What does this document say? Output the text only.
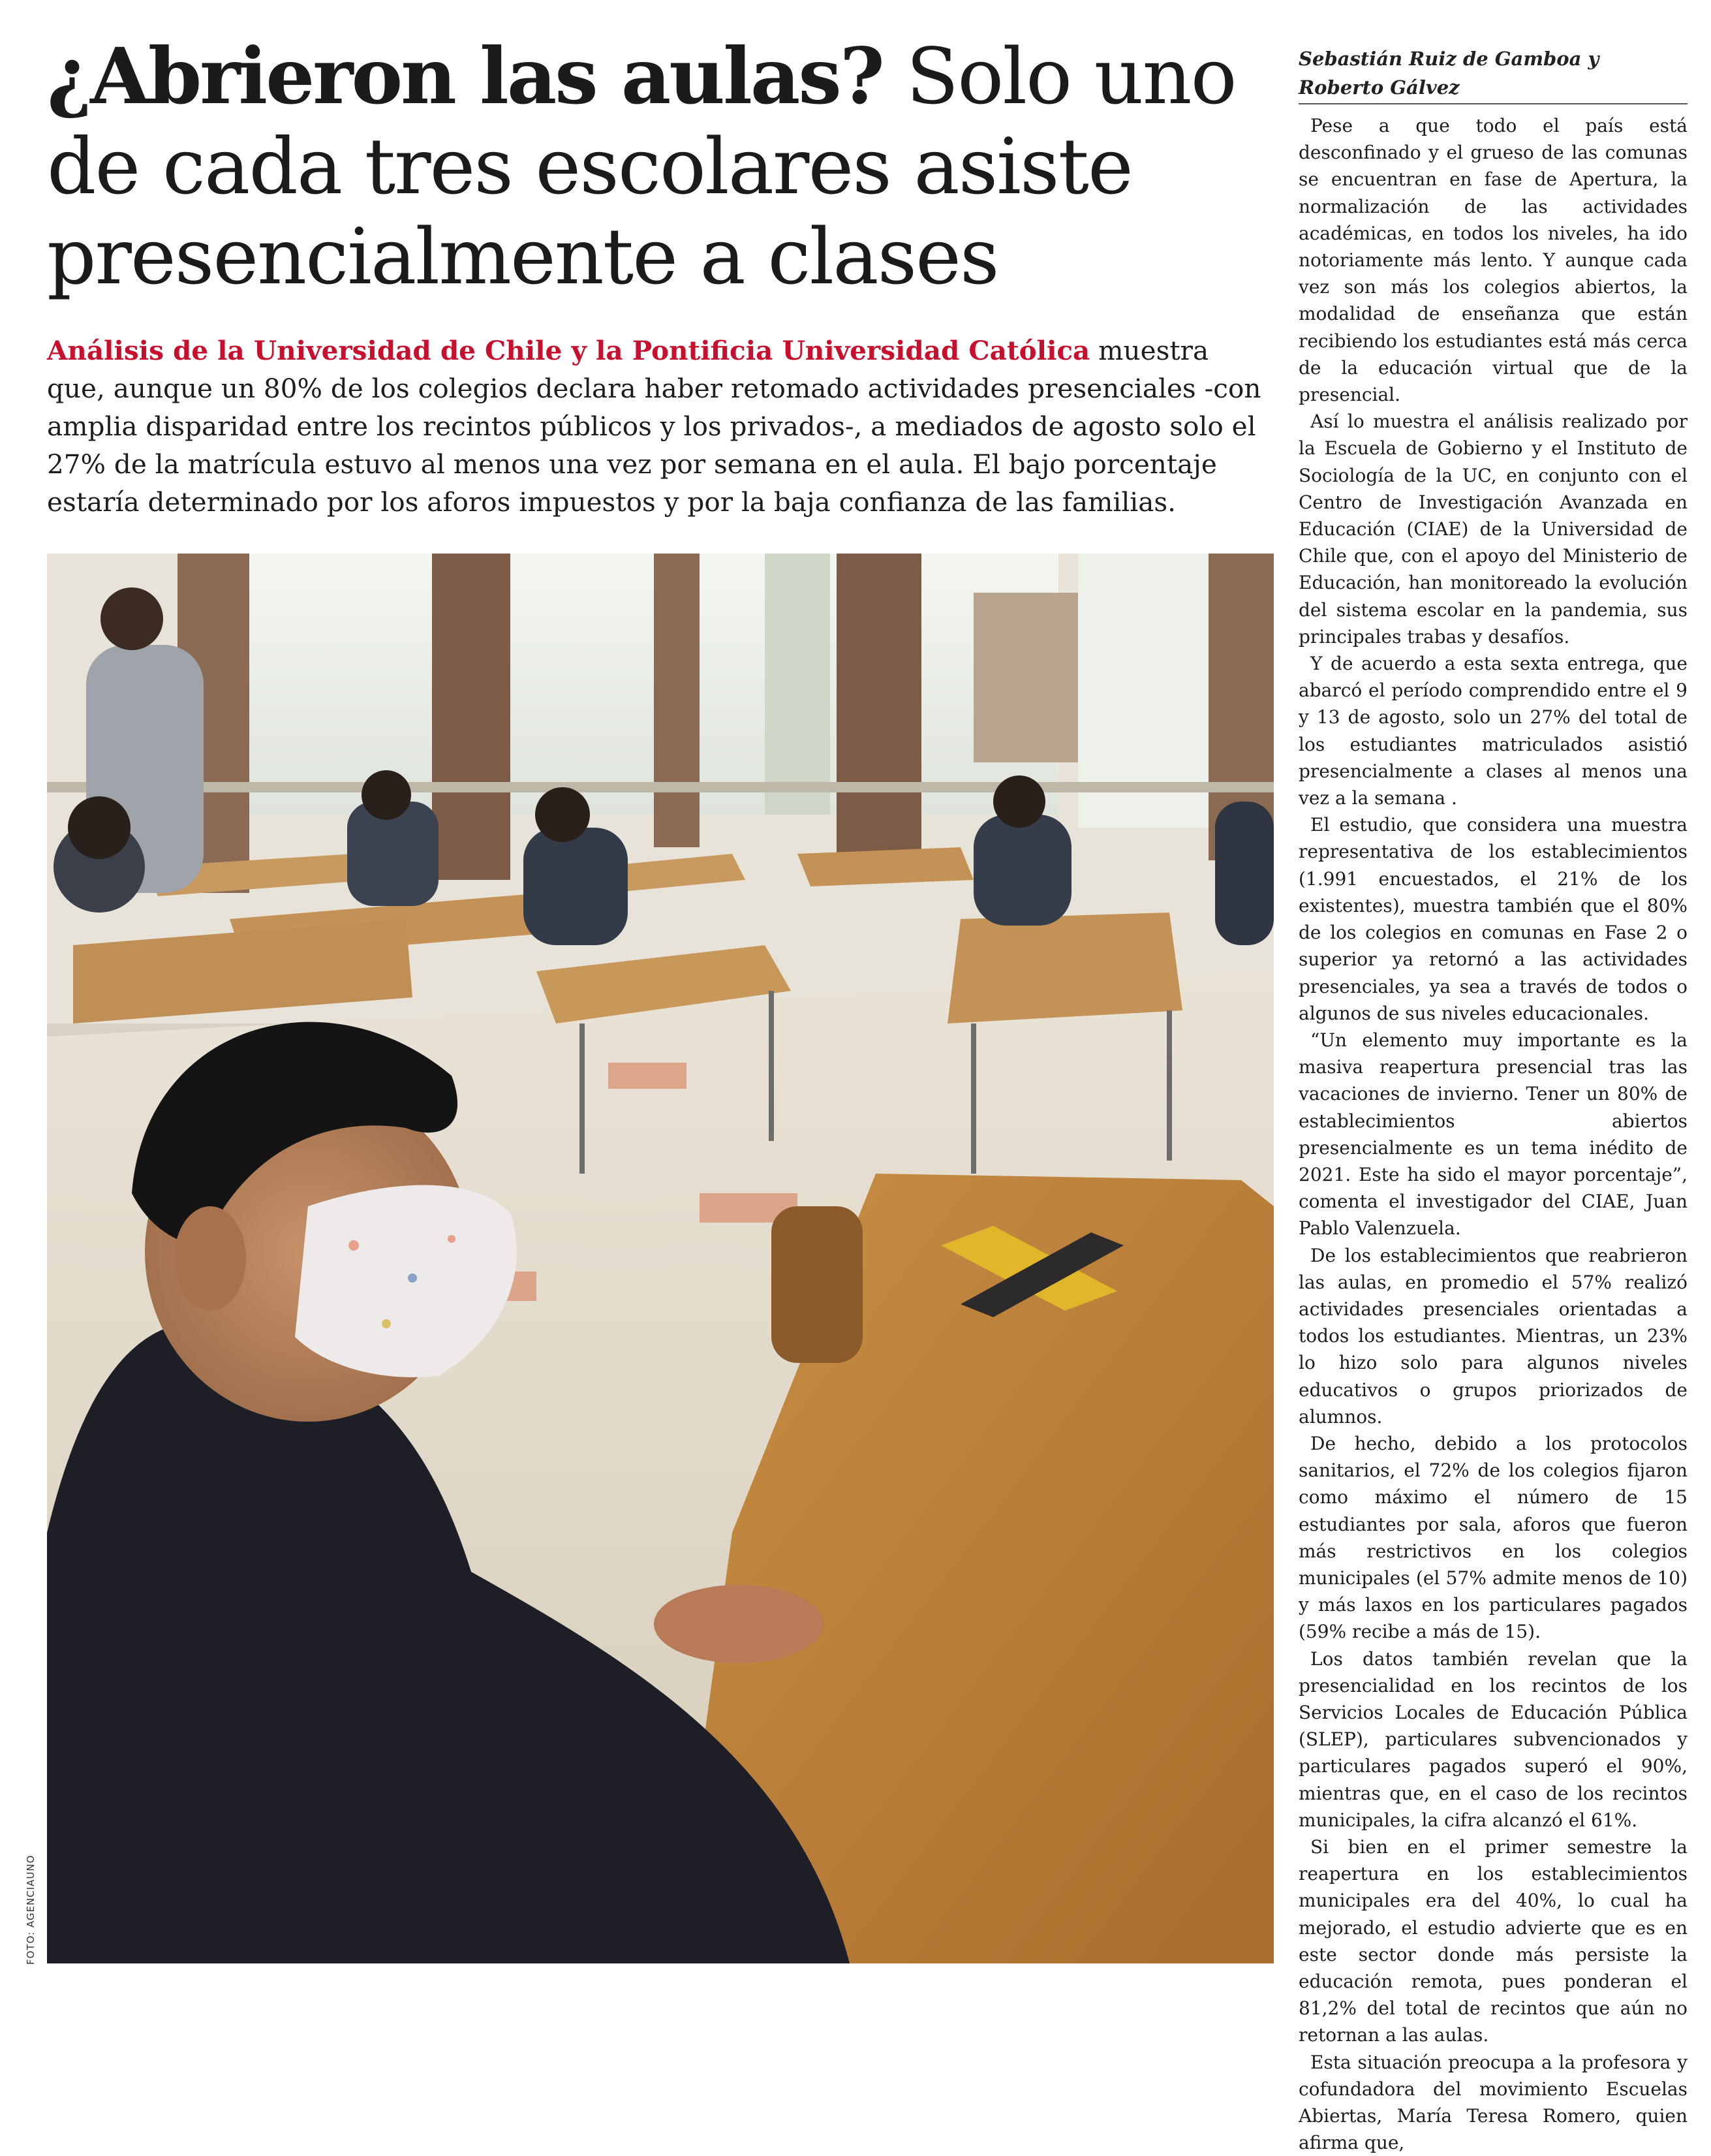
¿Abrieron las aulas? Solo uno de cada tres escolares asiste presencialmente a clases

Análisis de la Universidad de Chile y la Pontificia Universidad Católica muestra que, aunque un 80% de los colegios declara haber retomado actividades presenciales -con amplia disparidad entre los recintos públicos y los privados-, a mediados de agosto solo el 27% de la matrícula estuvo al menos una vez por semana en el aula. El bajo porcentaje estaría determinado por los aforos impuestos y por la baja confianza de las familias.

FOTO: AGENCIAUNO

Sebastián Ruiz de Gamboa y Roberto Gálvez

Pese a que todo el país está desconfinado y el grueso de las comunas se encuentran en fase de Apertura, la normalización de las actividades académicas, en todos los niveles, ha ido notoriamente más lento. Y aunque cada vez son más los colegios abiertos, la modalidad de enseñanza que están recibiendo los estudiantes está más cerca de la educación virtual que de la presencial.

Así lo muestra el análisis realizado por la Escuela de Gobierno y el Instituto de Sociología de la UC, en conjunto con el Centro de Investigación Avanzada en Educación (CIAE) de la Universidad de Chile que, con el apoyo del Ministerio de Educación, han monitoreado la evolución del sistema escolar en la pandemia, sus principales trabas y desafíos.

Y de acuerdo a esta sexta entrega, que abarcó el período comprendido entre el 9 y 13 de agosto, solo un 27% del total de los estudiantes matriculados asistió presencialmente a clases al menos una vez a la semana .

El estudio, que considera una muestra representativa de los establecimientos (1.991 encuestados, el 21% de los existentes), muestra también que el 80% de los colegios en comunas en Fase 2 o superior ya retornó a las actividades presenciales, ya sea a través de todos o algunos de sus niveles educacionales.

“Un elemento muy importante es la masiva reapertura presencial tras las vacaciones de invierno. Tener un 80% de establecimientos abiertos presencialmente es un tema inédito de 2021. Este ha sido el mayor porcentaje”, comenta el investigador del CIAE, Juan Pablo Valenzuela.

De los establecimientos que reabrieron las aulas, en promedio el 57% realizó actividades presenciales orientadas a todos los estudiantes. Mientras, un 23% lo hizo solo para algunos niveles educativos o grupos priorizados de alumnos.

De hecho, debido a los protocolos sanitarios, el 72% de los colegios fijaron como máximo el número de 15 estudiantes por sala, aforos que fueron más restrictivos en los colegios municipales (el 57% admite menos de 10) y más laxos en los particulares pagados (59% recibe a más de 15).

Los datos también revelan que la presencialidad en los recintos de los Servicios Locales de Educación Pública (SLEP), particulares subvencionados y particulares pagados superó el 90%, mientras que, en el caso de los recintos municipales, la cifra alcanzó el 61%.

Si bien en el primer semestre la reapertura en los establecimientos municipales era del 40%, lo cual ha mejorado, el estudio advierte que es en este sector donde más persiste la educación remota, pues ponderan el 81,2% del total de recintos que aún no retornan a las aulas.

Esta situación preocupa a la profesora y cofundadora del movimiento Escuelas Abiertas, María Teresa Romero, quien afirma que,
